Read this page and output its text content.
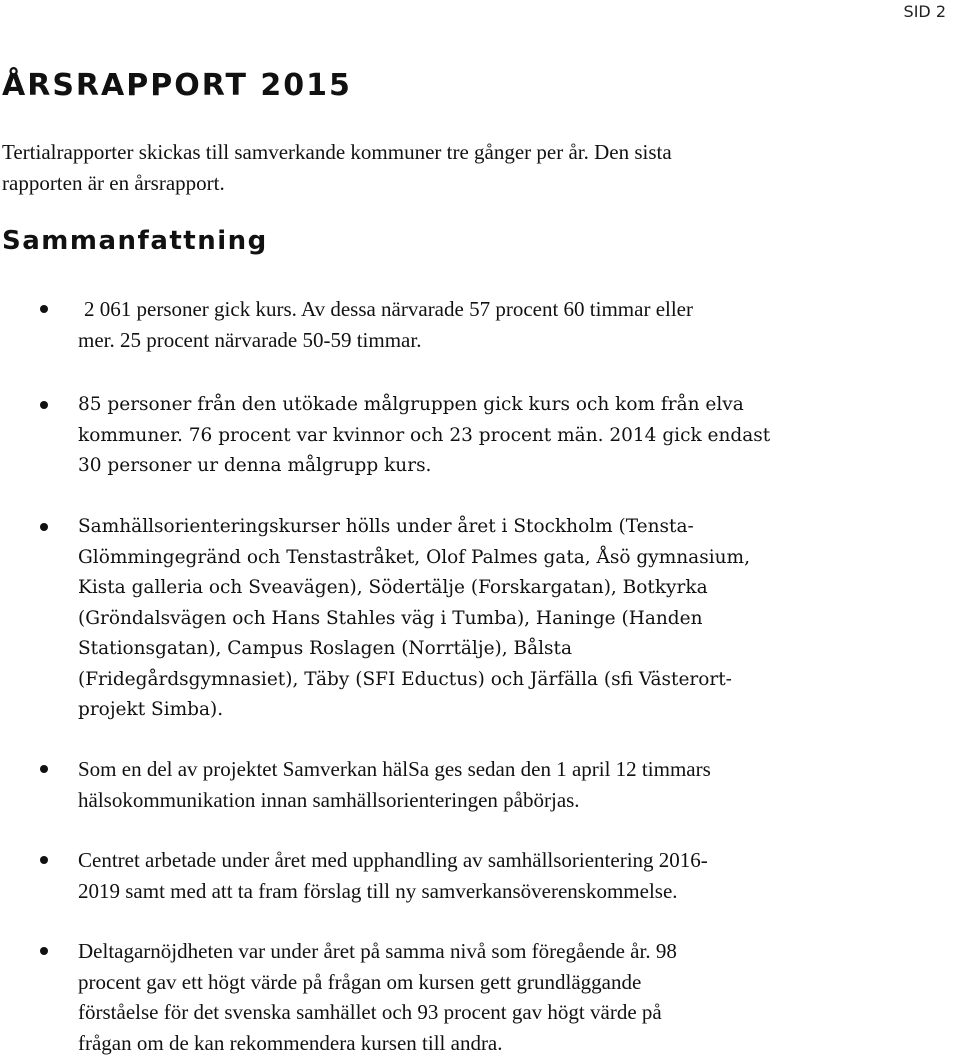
SID 2
ÅRSRAPPORT 2015

Tertialrapporter skickas till samverkande kommuner tre gånger per år. Den sista
rapporten är en årsrapport.

Sammanfattning

2 061 personer gick kurs. Av dessa närvarade 57 procent 60 timmar eller
mer. 25 procent närvarade 50-59 timmar.

85 personer från den utökade målgruppen gick kurs och kom från elva
kommuner. 76 procent var kvinnor och 23 procent män. 2014 gick endast
30 personer ur denna målgrupp kurs.

Samhällsorienteringskurser hölls under året i Stockholm (Tensta-
Glömmingegränd och Tenstastråket, Olof Palmes gata, Åsö gymnasium,
Kista galleria och Sveavägen), Södertälje (Forskargatan), Botkyrka
(Gröndalsvägen och Hans Stahles väg i Tumba), Haninge (Handen
Stationsgatan), Campus Roslagen (Norrtälje), Bålsta
(Fridegårdsgymnasiet), Täby (SFI Eductus) och Järfälla (sfi Västerort-
projekt Simba).

Som en del av projektet Samverkan hälSa ges sedan den 1 april 12 timmars
hälsokommunikation innan samhällsorienteringen påbörjas.

Centret arbetade under året med upphandling av samhällsorientering 2016-
2019 samt med att ta fram förslag till ny samverkansöverenskommelse.

Deltagarnöjdheten var under året på samma nivå som föregående år. 98
procent gav ett högt värde på frågan om kursen gett grundläggande
förståelse för det svenska samhället och 93 procent gav högt värde på
frågan om de kan rekommendera kursen till andra.
